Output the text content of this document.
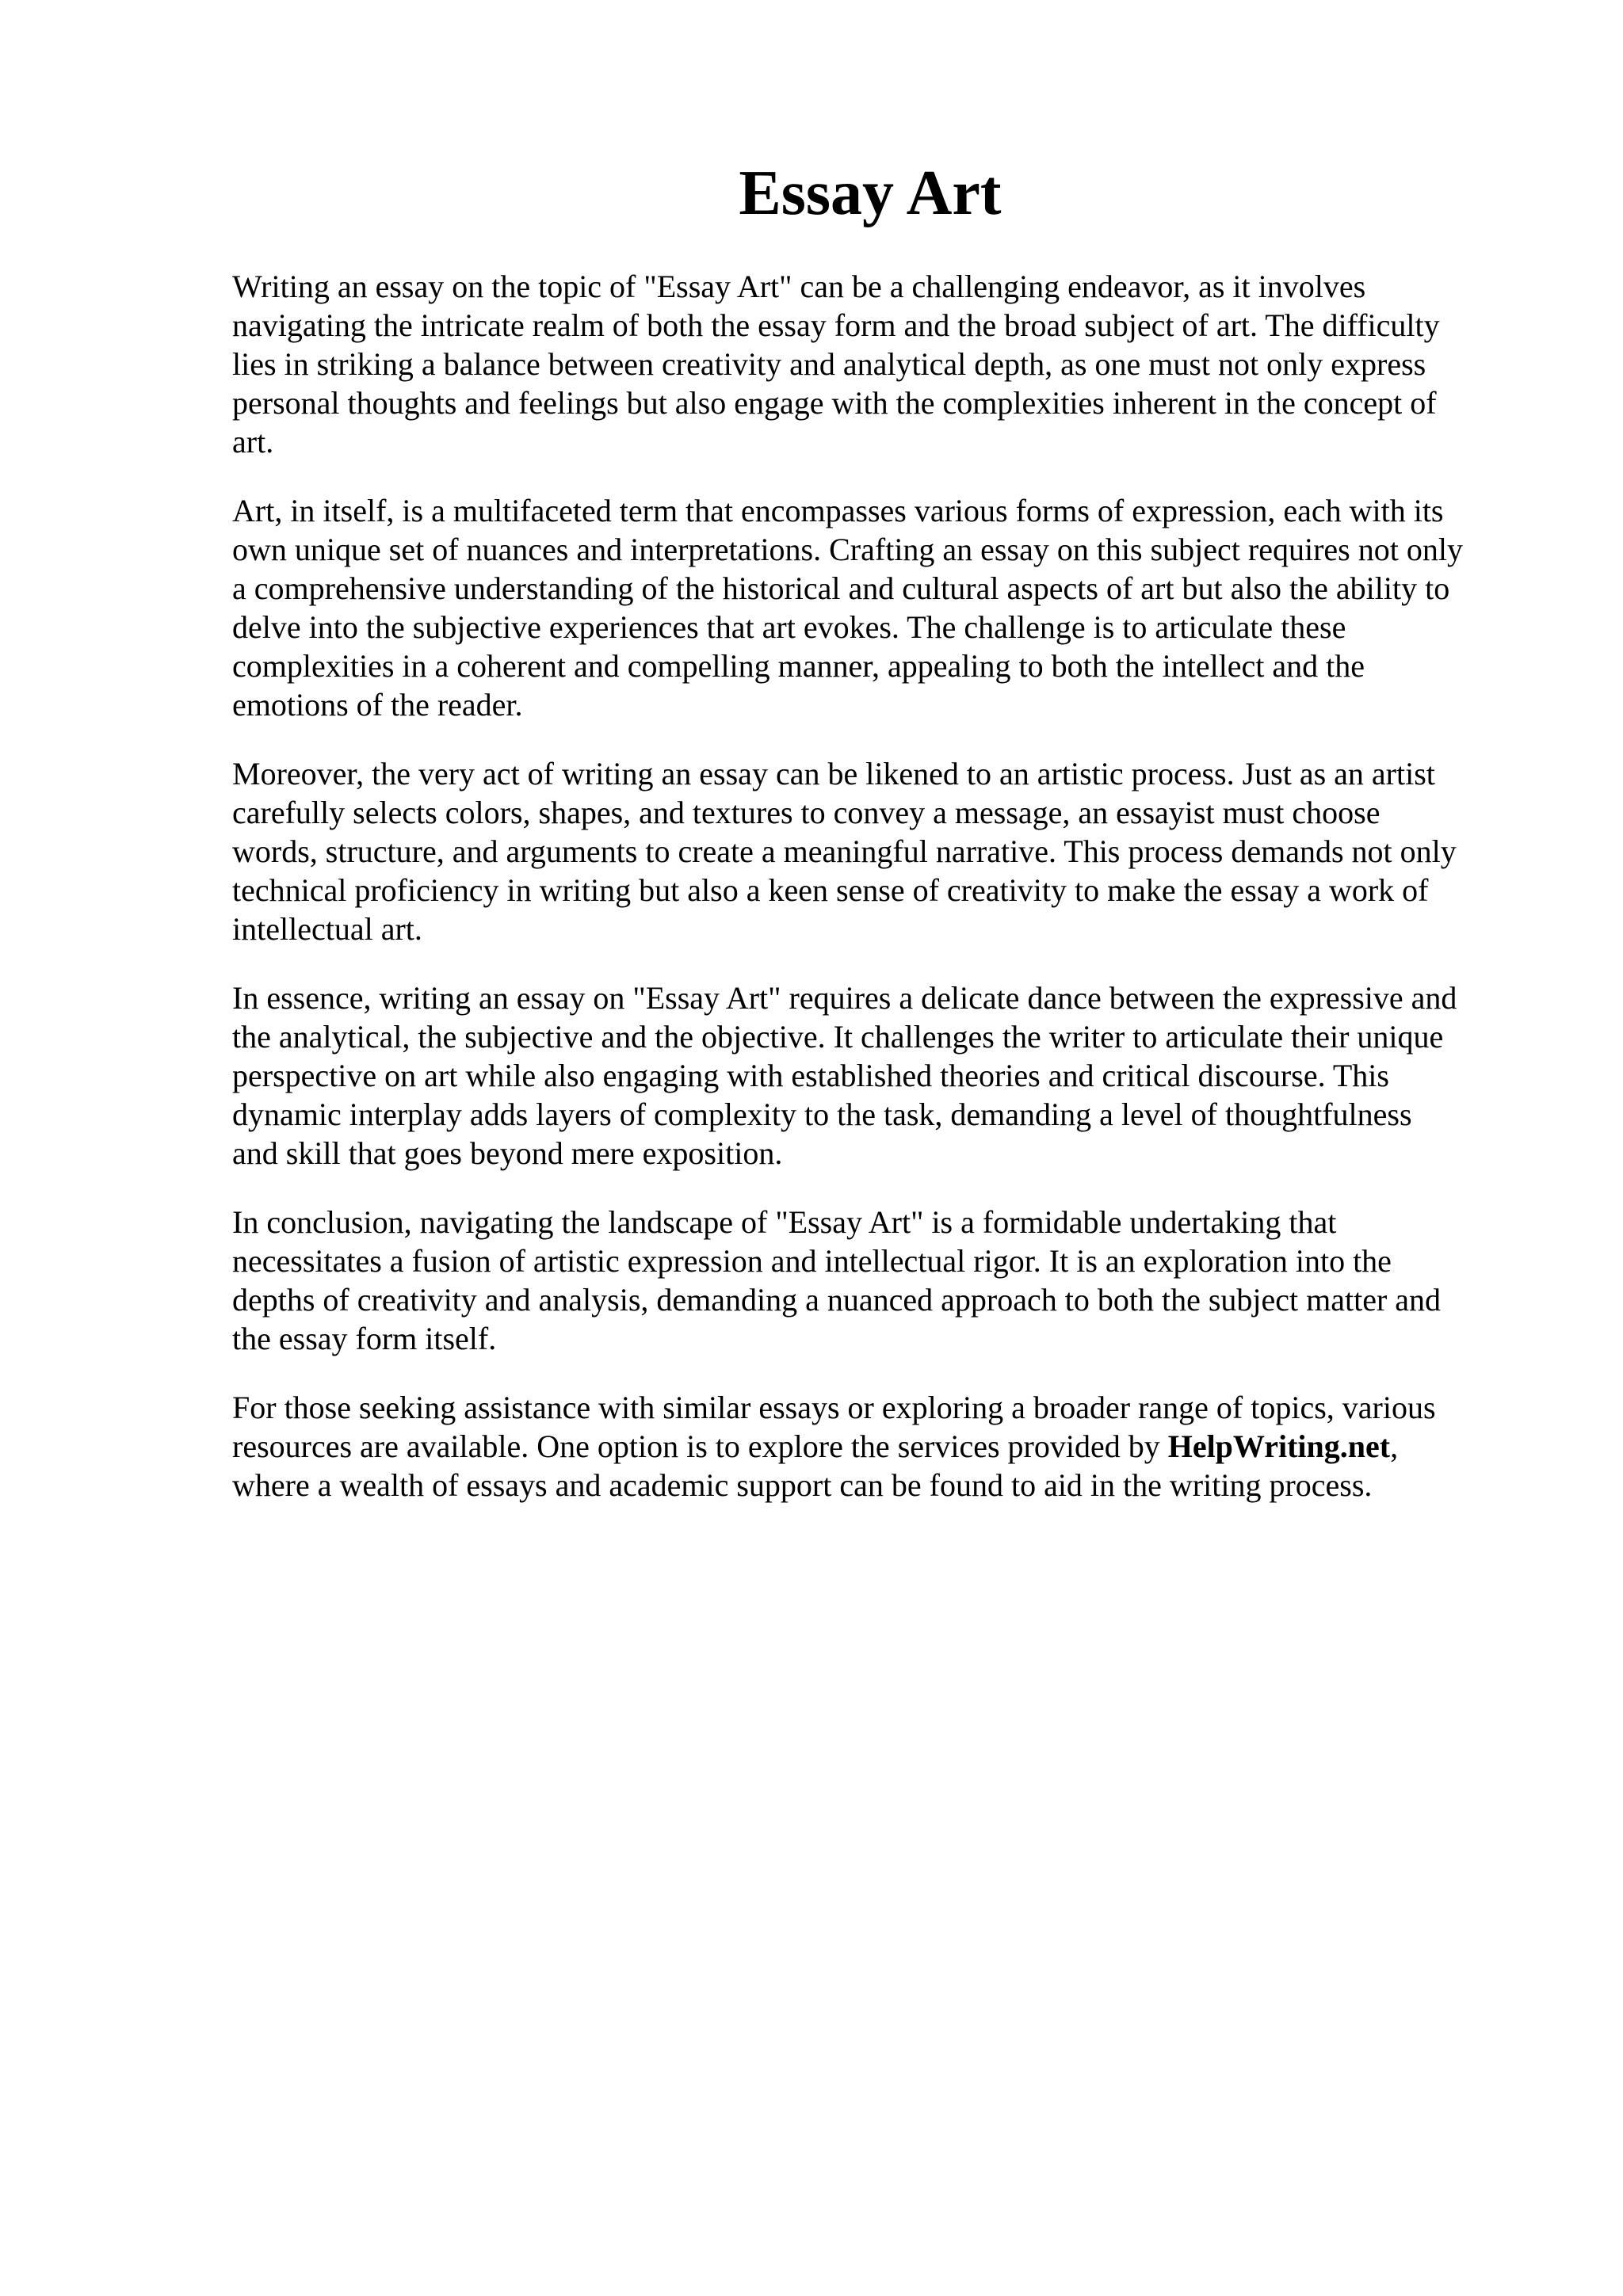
Essay Art

Writing an essay on the topic of "Essay Art" can be a challenging endeavor, as it involves
navigating the intricate realm of both the essay form and the broad subject of art. The difficulty
lies in striking a balance between creativity and analytical depth, as one must not only express
personal thoughts and feelings but also engage with the complexities inherent in the concept of
art.

Art, in itself, is a multifaceted term that encompasses various forms of expression, each with its
own unique set of nuances and interpretations. Crafting an essay on this subject requires not only
a comprehensive understanding of the historical and cultural aspects of art but also the ability to
delve into the subjective experiences that art evokes. The challenge is to articulate these
complexities in a coherent and compelling manner, appealing to both the intellect and the
emotions of the reader.

Moreover, the very act of writing an essay can be likened to an artistic process. Just as an artist
carefully selects colors, shapes, and textures to convey a message, an essayist must choose
words, structure, and arguments to create a meaningful narrative. This process demands not only
technical proficiency in writing but also a keen sense of creativity to make the essay a work of
intellectual art.

In essence, writing an essay on "Essay Art" requires a delicate dance between the expressive and
the analytical, the subjective and the objective. It challenges the writer to articulate their unique
perspective on art while also engaging with established theories and critical discourse. This
dynamic interplay adds layers of complexity to the task, demanding a level of thoughtfulness
and skill that goes beyond mere exposition.

In conclusion, navigating the landscape of "Essay Art" is a formidable undertaking that
necessitates a fusion of artistic expression and intellectual rigor. It is an exploration into the
depths of creativity and analysis, demanding a nuanced approach to both the subject matter and
the essay form itself.

For those seeking assistance with similar essays or exploring a broader range of topics, various
resources are available. One option is to explore the services provided by HelpWriting.net,
where a wealth of essays and academic support can be found to aid in the writing process.
